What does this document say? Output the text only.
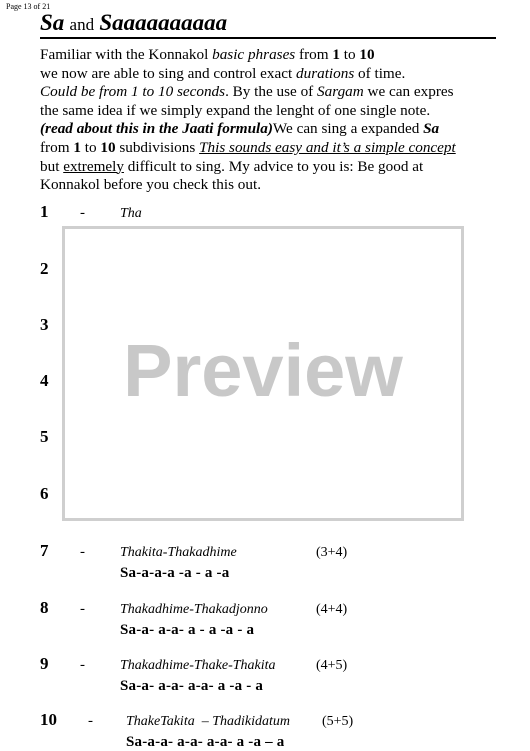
Page 13 of 21
Sa and Saaaaaaaaaa

Familiar with the Konnakol basic phrases from 1 to 10

we now are able to sing and control exact durations of time.

Could be from 1 to 10 seconds. By the use of Sargam we can expres

the same idea if we simply expand the lenght of one single note.

(read about this in the Jaati formula)We can sing a expanded Sa

from 1 to 10 subdivisions This sounds easy and it’s a simple concept

but extremely difficult to sing. My advice to you is: Be good at

Konnakol before you check this out.

1 -	Tha
2
3
4
5
6
7 -	Thakita-Thakadhime	(3+4)
Sa-a-a-a -a - a -a
8 -	Thakadhime-Thakadjonno	(4+4)
Sa-a- a-a- a - a -a - a
9 -	Thakadhime-Thake-Thakita	(4+5)
Sa-a- a-a- a-a- a -a - a
10 - ThakeTakita  – Thadikidatum (5+5)
Sa-a-a- a-a- a-a- a -a – a
Preview
